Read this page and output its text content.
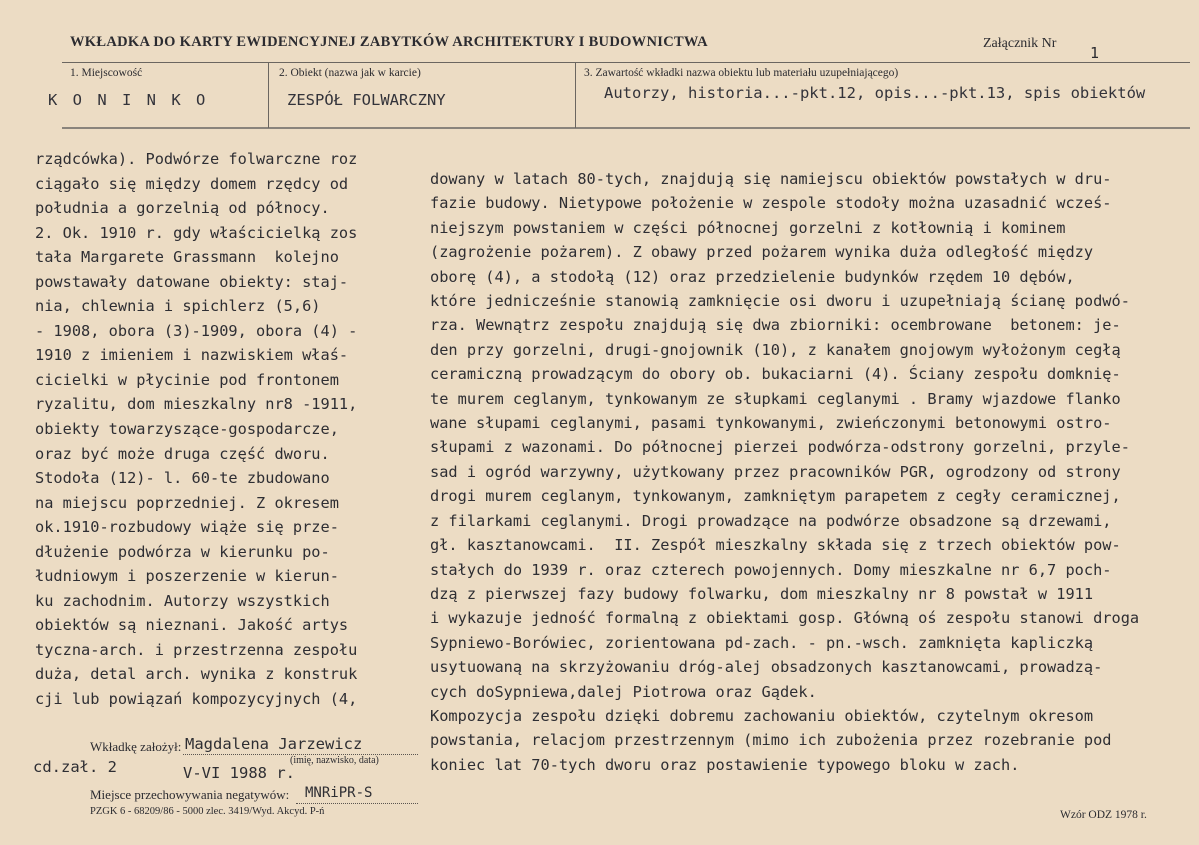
WKŁADKA DO KARTY EWIDENCYJNEJ ZABYTKÓW ARCHITEKTURY I BUDOWNICTWA	Załącznik Nr
1
1. Miejscowość
K O N I N K O
2. Obiekt (nazwa jak w karcie)
ZESPÓŁ FOLWARCZNY
3. Zawartość wkładki nazwa obiektu lub materiału uzupełniającego)
Autorzy, historia...-pkt.12, opis...-pkt.13, spis obiektów
rządcówka). Podwórze folwarczne roz
ciągało się między domem rzędcy od
południa a gorzelnią od północy.
2. Ok. 1910 r. gdy właścicielką zos
tała Margarete Grassmann  kolejno
powstawały datowane obiekty: staj-
nia, chlewnia i spichlerz (5,6)
- 1908, obora (3)-1909, obora (4) -
1910 z imieniem i nazwiskiem właś-
cicielki w płycinie pod frontonem
ryzalitu, dom mieszkalny nr8 -1911,
obiekty towarzyszące-gospodarcze,
oraz być może druga część dworu.
Stodoła (12)- l. 60-te zbudowano
na miejscu poprzedniej. Z okresem
ok.1910-rozbudowy wiąże się prze-
dłużenie podwórza w kierunku po-
łudniowym i poszerzenie w kierun-
ku zachodnim. Autorzy wszystkich
obiektów są nieznani. Jakość artys
tyczna-arch. i przestrzenna zespołu
duża, detal arch. wynika z konstruk
cji lub powiązań kompozycyjnych (4,
dowany w latach 80-tych, znajdują się namiejscu obiektów powstałych w dru-
fazie budowy. Nietypowe położenie w zespole stodoły można uzasadnić wcześ-
niejszym powstaniem w części północnej gorzelni z kotłownią i kominem
(zagrożenie pożarem). Z obawy przed pożarem wynika duża odległość między
oborę (4), a stodołą (12) oraz przedzielenie budynków rzędem 10 dębów,
które jednicześnie stanowią zamknięcie osi dworu i uzupełniają ścianę podwó-
rza. Wewnątrz zespołu znajdują się dwa zbiorniki: ocembrowane  betonem: je-
den przy gorzelni, drugi-gnojownik (10), z kanałem gnojowym wyłożonym cegłą
ceramiczną prowadzącym do obory ob. bukaciarni (4). Ściany zespołu domknię-
te murem ceglanym, tynkowanym ze słupkami ceglanymi . Bramy wjazdowe flanko
wane słupami ceglanymi, pasami tynkowanymi, zwieńczonymi betonowymi ostro-
słupami z wazonami. Do północnej pierzei podwórza-odstrony gorzelni, przyle-
sad i ogród warzywny, użytkowany przez pracowników PGR, ogrodzony od strony
drogi murem ceglanym, tynkowanym, zamkniętym parapetem z cegły ceramicznej,
z filarkami ceglanymi. Drogi prowadzące na podwórze obsadzone są drzewami,
gł. kasztanowcami.  II. Zespół mieszkalny składa się z trzech obiektów pow-
stałych do 1939 r. oraz czterech powojennych. Domy mieszkalne nr 6,7 poch-
dzą z pierwszej fazy budowy folwarku, dom mieszkalny nr 8 powstał w 1911
i wykazuje jedność formalną z obiektami gosp. Główną oś zespołu stanowi droga
Sypniewo-Borówiec, zorientowana pd-zach. - pn.-wsch. zamknięta kapliczką
usytuowaną na skrzyżowaniu dróg-alej obsadzonych kasztanowcami, prowadzą-
cych doSypniewa,dalej Piotrowa oraz Gądek.
Kompozycja zespołu dzięki dobremu zachowaniu obiektów, czytelnym okresom
powstania, relacjom przestrzennym (mimo ich zubożenia przez rozebranie pod
koniec lat 70-tych dworu oraz postawienie typowego bloku w zach.
Wkładkę założył: Magdalena Jarzewicz
(imię, nazwisko, data)
cd.zał. 2	V-VI 1988 r.
Miejsce przechowywania negatywów: MNRiPR-S
PZGK 6 - 68209/86 - 5000 zlec. 3419/Wyd. Akcyd. P-ń	Wzór ODZ 1978 r.
